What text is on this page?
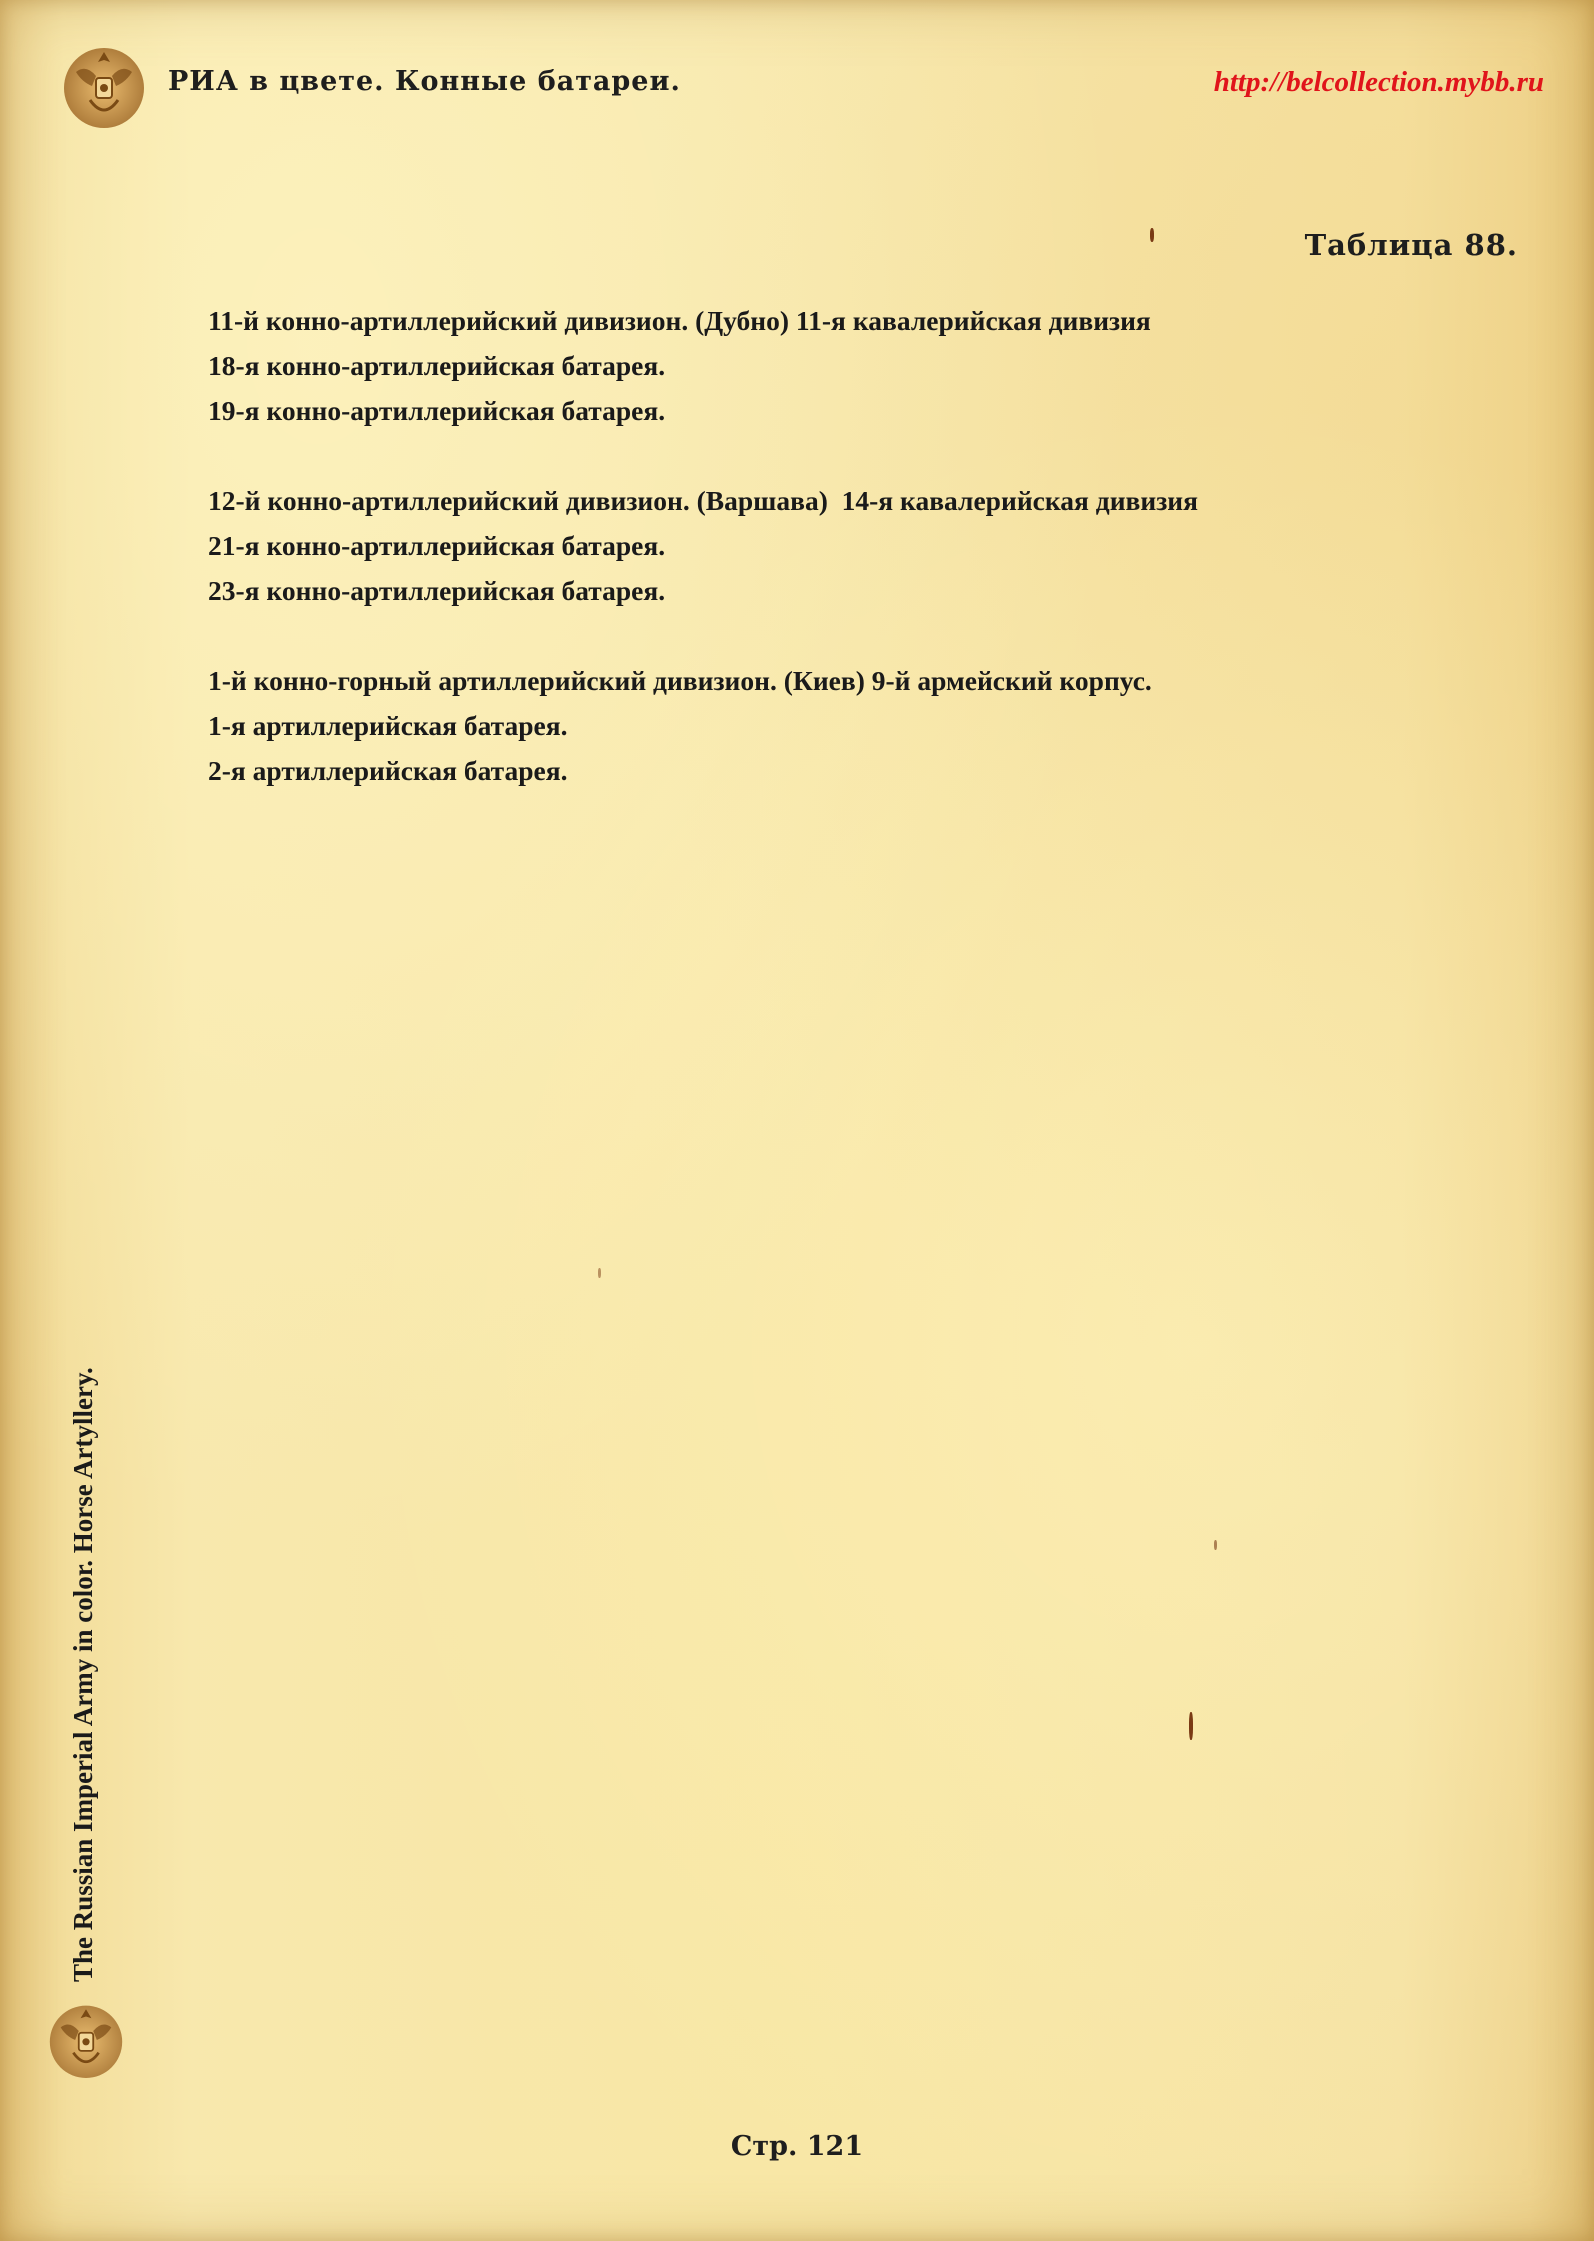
РИА в цвете. Конные батареи.	http://belcollection.mybb.ru
Таблица 88.
11-й конно-артиллерийский дивизион. (Дубно) 11-я кавалерийская дивизия
18-я конно-артиллерийская батарея.
19-я конно-артиллерийская батарея.
12-й конно-артиллерийский дивизион. (Варшава)  14-я кавалерийская дивизия
21-я конно-артиллерийская батарея.
23-я конно-артиллерийская батарея.
1-й конно-горный артиллерийский дивизион. (Киев) 9-й армейский корпус.
1-я артиллерийская батарея.
2-я артиллерийская батарея.
The Russian Imperial Army in color. Horse Artyllery.
Стр. 121
